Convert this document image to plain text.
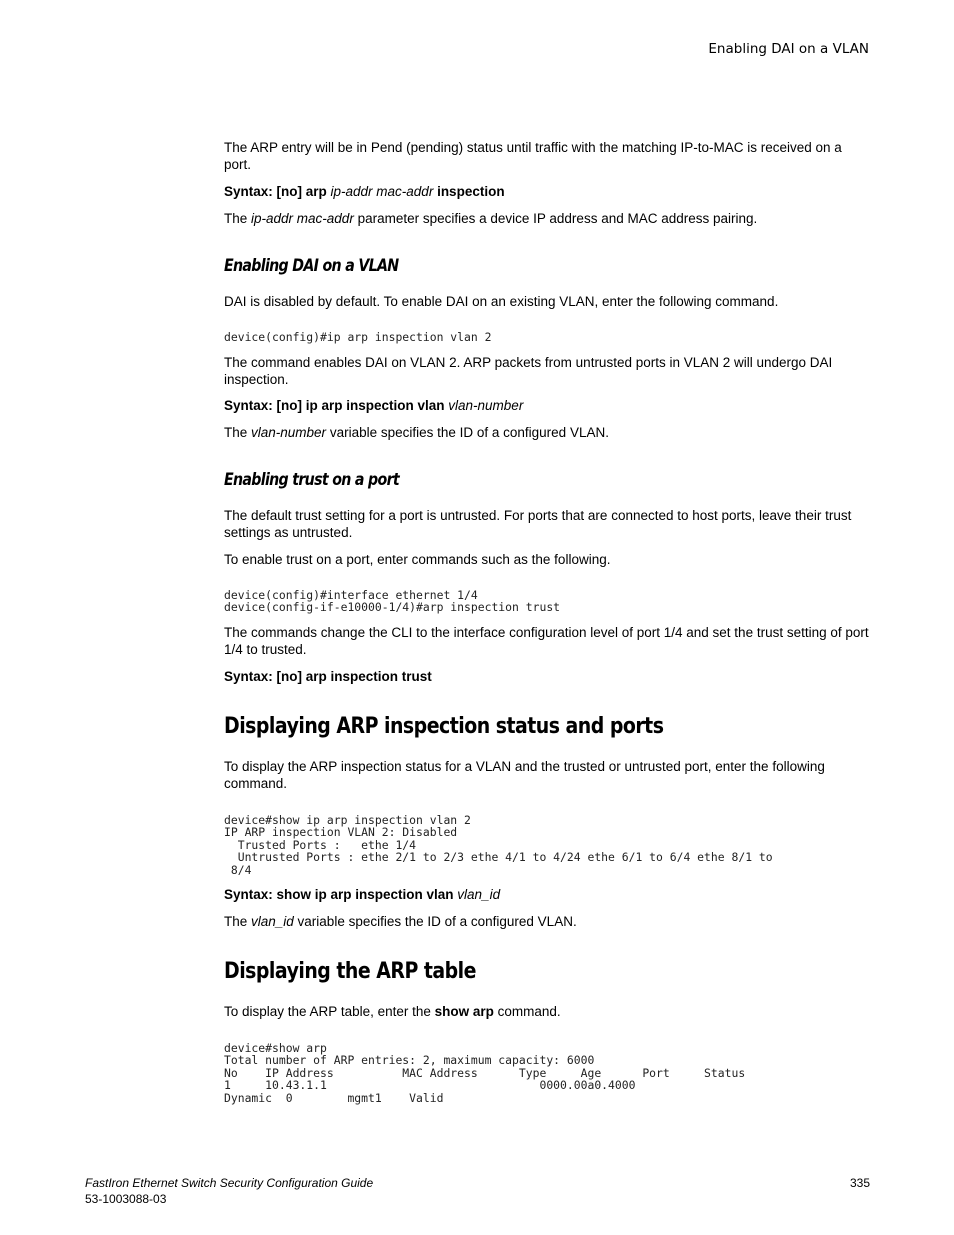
Enabling DAI on a VLAN

The ARP entry will be in Pend (pending) status until traffic with the matching IP-to-MAC is received on a port.

Syntax: [no] arp ip-addr mac-addr inspection

The ip-addr mac-addr parameter specifies a device IP address and MAC address pairing.

Enabling DAI on a VLAN

DAI is disabled by default. To enable DAI on an existing VLAN, enter the following command.

device(config)#ip arp inspection vlan 2

The command enables DAI on VLAN 2. ARP packets from untrusted ports in VLAN 2 will undergo DAI inspection.

Syntax: [no] ip arp inspection vlan vlan-number

The vlan-number variable specifies the ID of a configured VLAN.

Enabling trust on a port

The default trust setting for a port is untrusted. For ports that are connected to host ports, leave their trust settings as untrusted.

To enable trust on a port, enter commands such as the following.

device(config)#interface ethernet 1/4
device(config-if-e10000-1/4)#arp inspection trust

The commands change the CLI to the interface configuration level of port 1/4 and set the trust setting of port 1/4 to trusted.

Syntax: [no] arp inspection trust

Displaying ARP inspection status and ports

To display the ARP inspection status for a VLAN and the trusted or untrusted port, enter the following command.

device#show ip arp inspection vlan 2
IP ARP inspection VLAN 2: Disabled
Trusted Ports :   ethe 1/4
Untrusted Ports : ethe 2/1 to 2/3 ethe 4/1 to 4/24 ethe 6/1 to 6/4 ethe 8/1 to
8/4

Syntax: show ip arp inspection vlan vlan_id

The vlan_id variable specifies the ID of a configured VLAN.

Displaying the ARP table

To display the ARP table, enter the show arp command.

device#show arp
Total number of ARP entries: 2, maximum capacity: 6000
No    IP Address          MAC Address      Type     Age      Port     Status
1     10.43.1.1                               0000.00a0.4000
Dynamic  0        mgmt1    Valid
FastIron Ethernet Switch Security Configuration Guide
53-1003088-03
335
